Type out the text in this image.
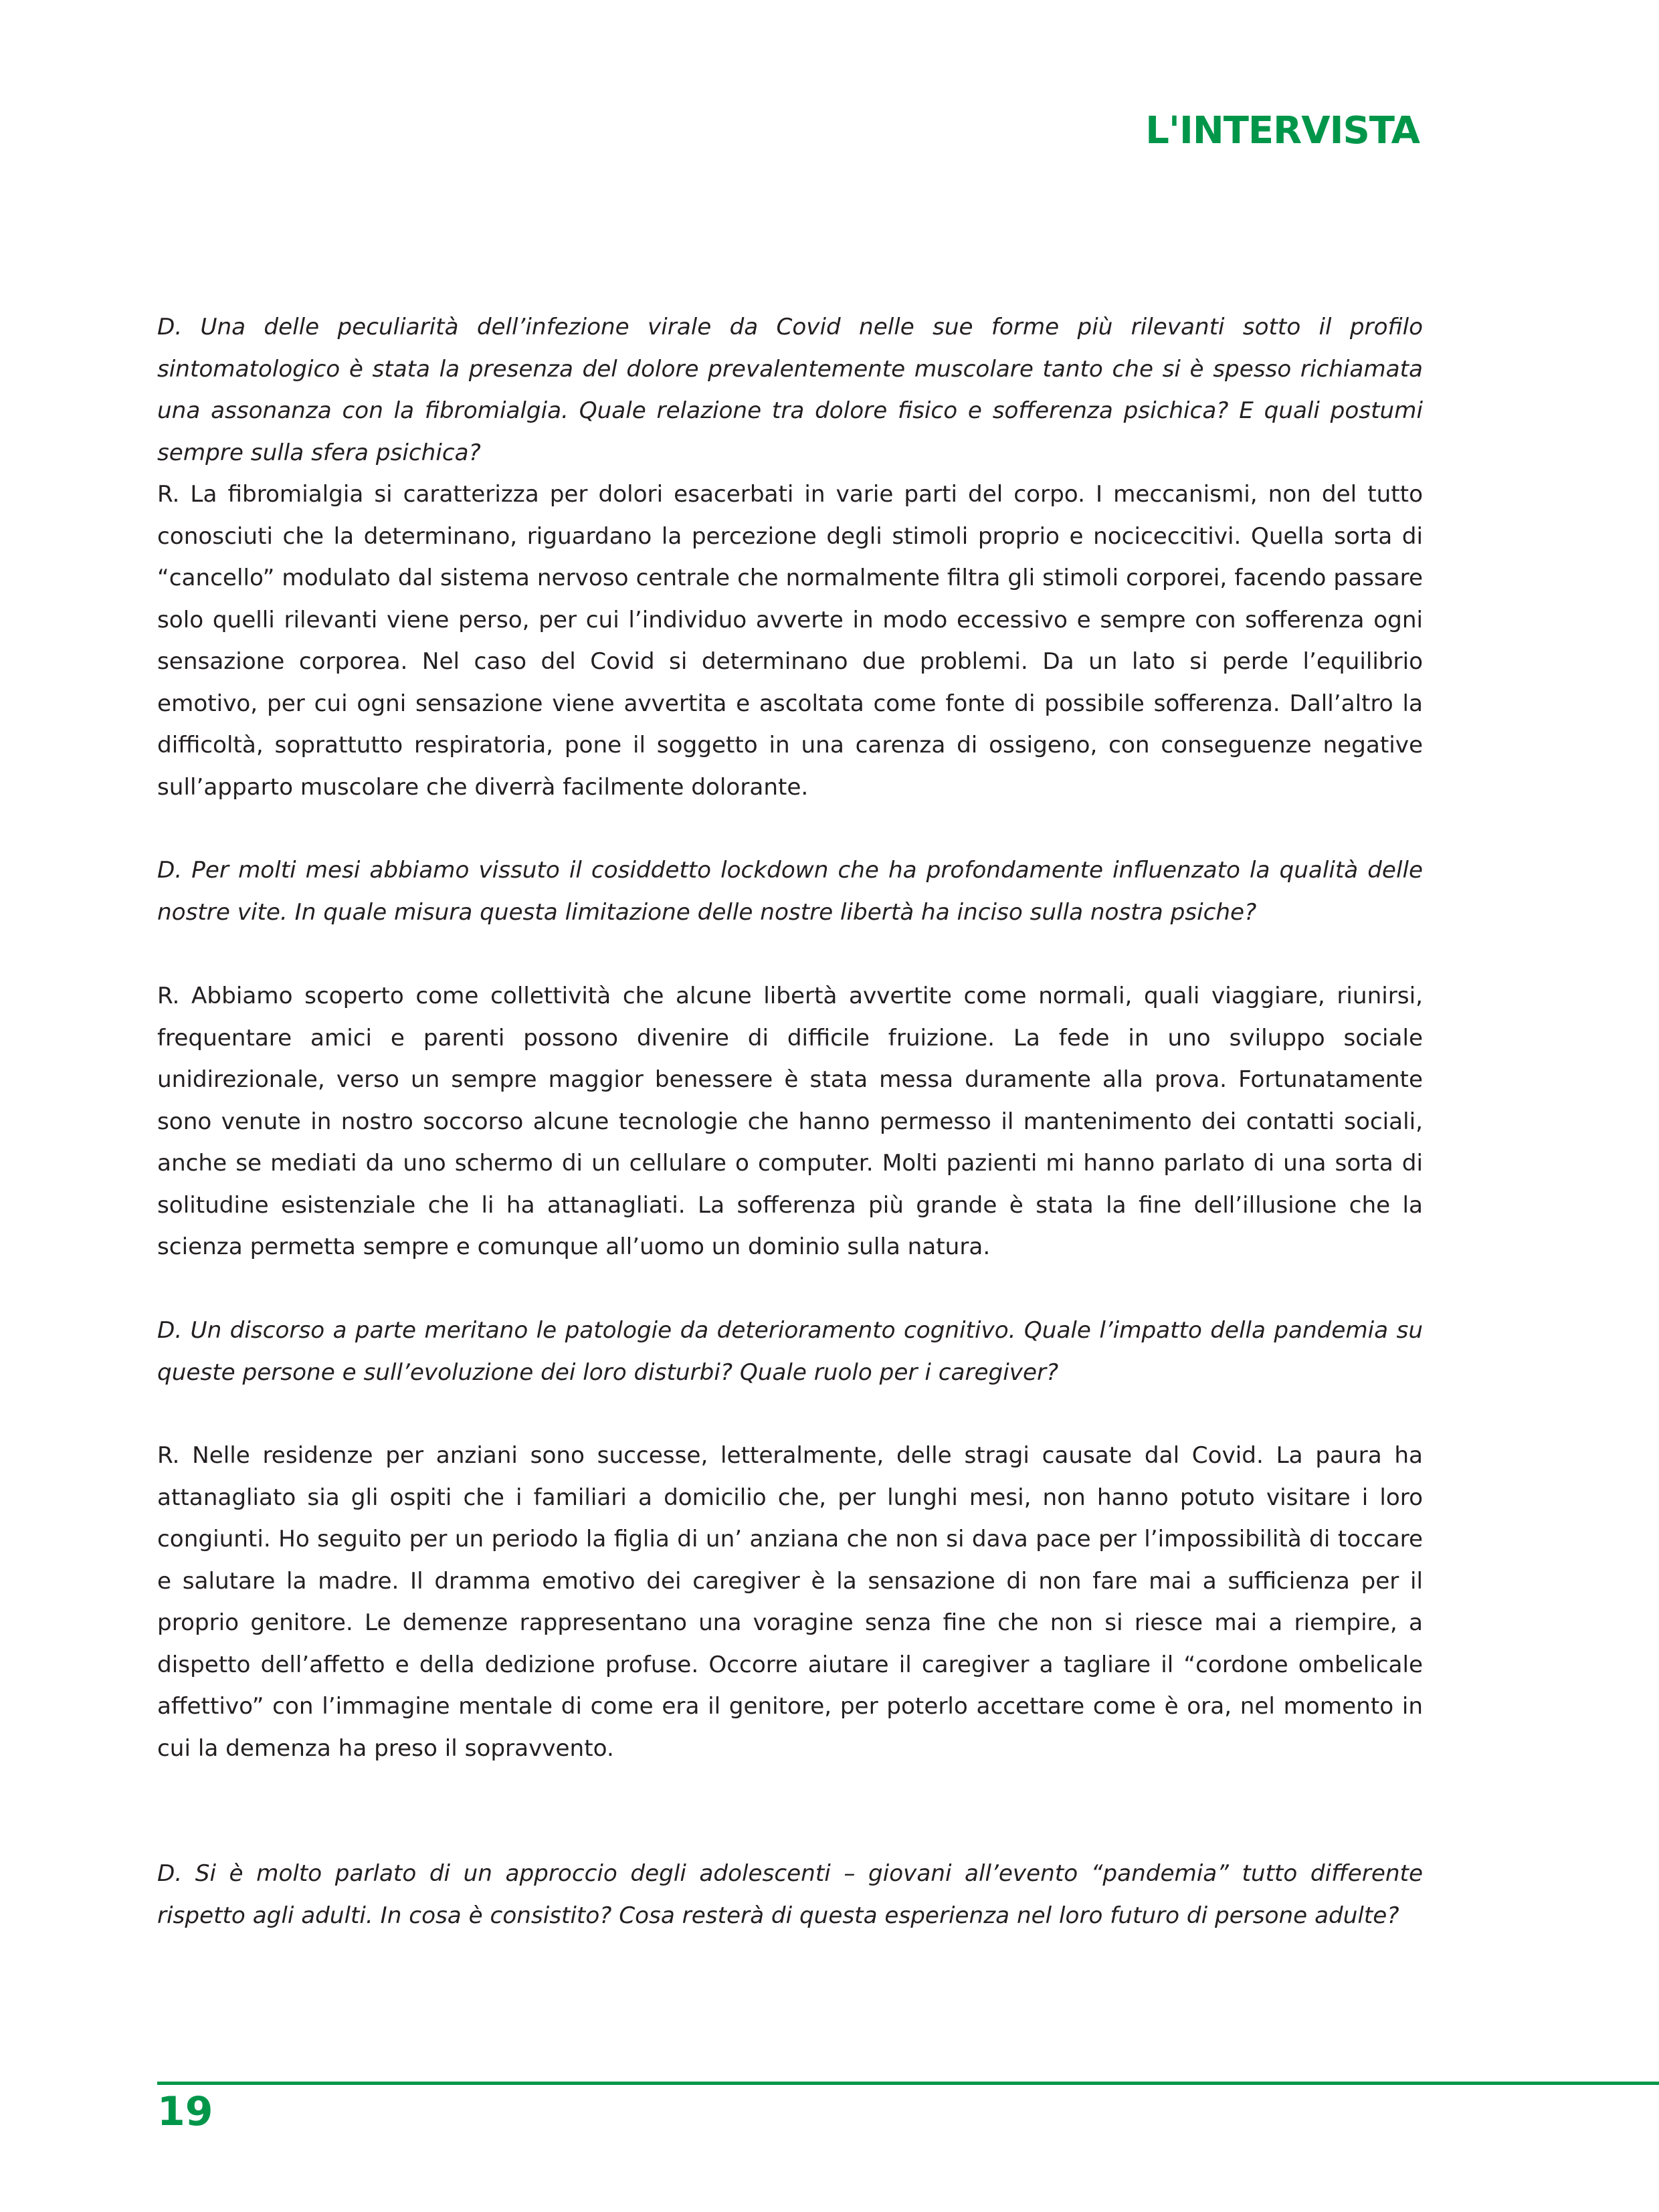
L'INTERVISTA

D. Una delle peculiarità dell’infezione virale da Covid nelle sue forme più rilevanti sotto il profilo sintomatologico è stata la presenza del dolore prevalentemente muscolare tanto che si è spesso richiamata una assonanza con la fibromialgia. Quale relazione tra dolore fisico e sofferenza psichica? E quali postumi sempre sulla sfera psichica?

R. La fibromialgia si caratterizza per dolori esacerbati in varie parti del corpo. I meccanismi, non del tutto conosciuti che la determinano, riguardano la percezione degli stimoli proprio e nociceccitivi. Quella sorta di “cancello” modulato dal sistema nervoso centrale che normalmente filtra gli stimoli corporei, facendo passare solo quelli rilevanti viene perso, per cui l’individuo avverte in modo eccessivo e sempre con sofferenza ogni sensazione corporea. Nel caso del Covid si determinano due problemi. Da un lato si perde l’equilibrio emotivo, per cui ogni sensazione viene avvertita e ascoltata come fonte di possibile sofferenza. Dall’altro la difficoltà, soprattutto respiratoria, pone il soggetto in una carenza di ossigeno, con conseguenze negative sull’apparto muscolare che diverrà facilmente dolorante.

D. Per molti mesi abbiamo vissuto il cosiddetto lockdown che ha profondamente influenzato la qualità delle nostre vite. In quale misura questa limitazione delle nostre libertà ha inciso sulla nostra psiche?

R. Abbiamo scoperto come collettività che alcune libertà avvertite come normali, quali viaggiare, riunirsi, frequentare amici e parenti possono divenire di difficile fruizione. La fede in uno sviluppo sociale unidirezionale, verso un sempre maggior benessere è stata messa duramente alla prova. Fortunatamente sono venute in nostro soccorso alcune tecnologie che hanno permesso il mantenimento dei contatti sociali, anche se mediati da uno schermo di un cellulare o computer. Molti pazienti mi hanno parlato di una sorta di solitudine esistenziale che li ha attanagliati. La sofferenza più grande è stata la fine dell’illusione che la scienza permetta sempre e comunque all’uomo un dominio sulla natura.

D. Un discorso a parte meritano le patologie da deterioramento cognitivo. Quale l’impatto della pandemia su queste persone e sull’evoluzione dei loro disturbi? Quale ruolo per i caregiver?

R. Nelle residenze per anziani sono successe, letteralmente, delle stragi causate dal Covid. La paura ha attanagliato sia gli ospiti che i familiari a domicilio che, per lunghi mesi, non hanno potuto visitare i loro congiunti. Ho seguito per un periodo la figlia di un’ anziana che non si dava pace per l’impossibilità di toccare e salutare la madre. Il dramma emotivo dei caregiver è la sensazione di non fare mai a sufficienza per il proprio genitore. Le demenze rappresentano una voragine senza fine che non si riesce mai a riempire, a dispetto dell’affetto e della dedizione profuse. Occorre aiutare il caregiver a tagliare il “cordone ombelicale affettivo” con l’immagine mentale di come era il genitore, per poterlo accettare come è ora, nel momento in cui la demenza ha preso il sopravvento.

D. Si è molto parlato di un approccio degli adolescenti – giovani all’evento “pandemia” tutto differente rispetto agli adulti. In cosa è consistito? Cosa resterà di questa esperienza nel loro futuro di persone adulte?

19
